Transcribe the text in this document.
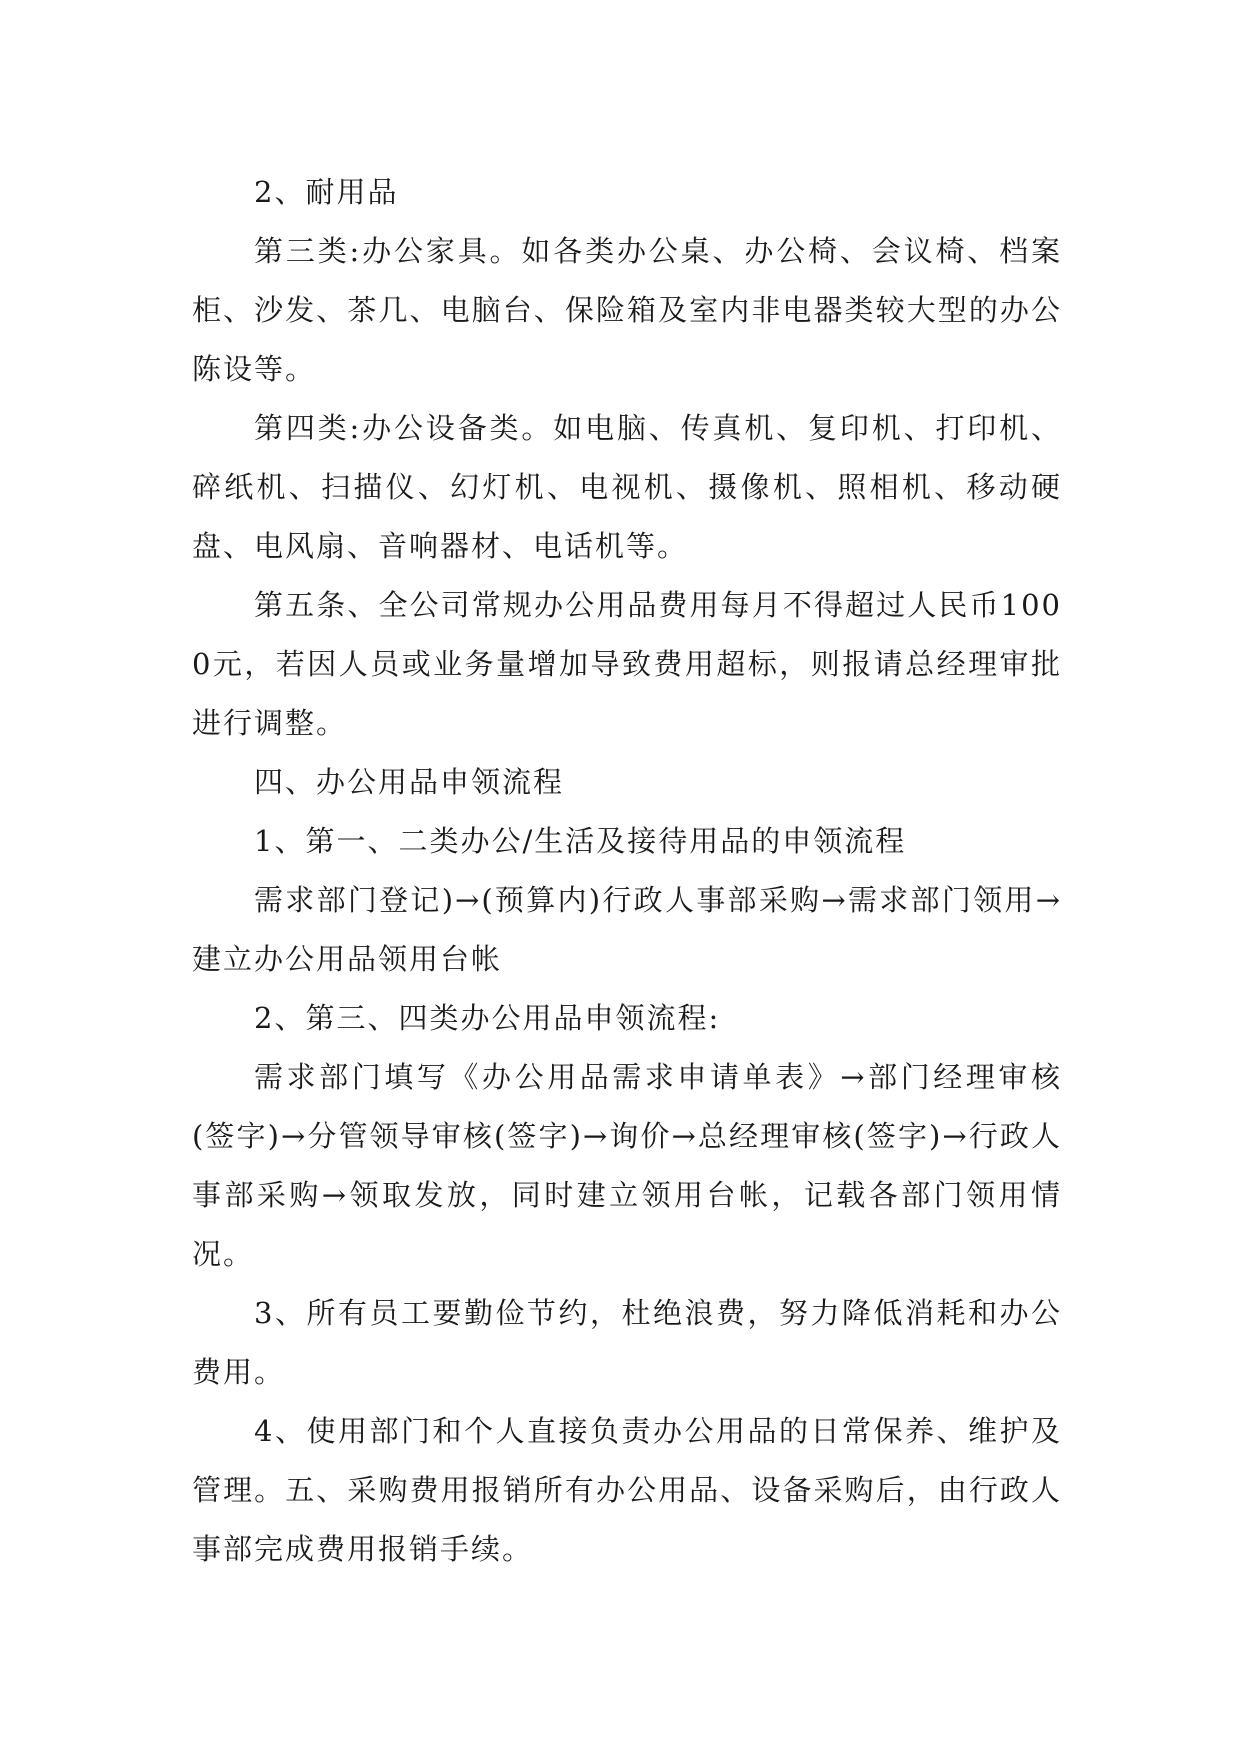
2、耐用品

第三类:办公家具。如各类办公桌、办公椅、会议椅、档案柜、沙发、茶几、电脑台、保险箱及室内非电器类较大型的办公陈设等。

第四类:办公设备类。如电脑、传真机、复印机、打印机、碎纸机、扫描仪、幻灯机、电视机、摄像机、照相机、移动硬盘、电风扇、音响器材、电话机等。

第五条、全公司常规办公用品费用每月不得超过人民币1000元，若因人员或业务量增加导致费用超标，则报请总经理审批进行调整。

四、办公用品申领流程

1、第一、二类办公/生活及接待用品的申领流程

需求部门登记)→(预算内)行政人事部采购→需求部门领用→建立办公用品领用台帐

2、第三、四类办公用品申领流程:

需求部门填写《办公用品需求申请单表》→部门经理审核(签字)→分管领导审核(签字)→询价→总经理审核(签字)→行政人事部采购→领取发放，同时建立领用台帐，记载各部门领用情况。

3、所有员工要勤俭节约，杜绝浪费，努力降低消耗和办公费用。

4、使用部门和个人直接负责办公用品的日常保养、维护及管理。五、采购费用报销所有办公用品、设备采购后，由行政人事部完成费用报销手续。
